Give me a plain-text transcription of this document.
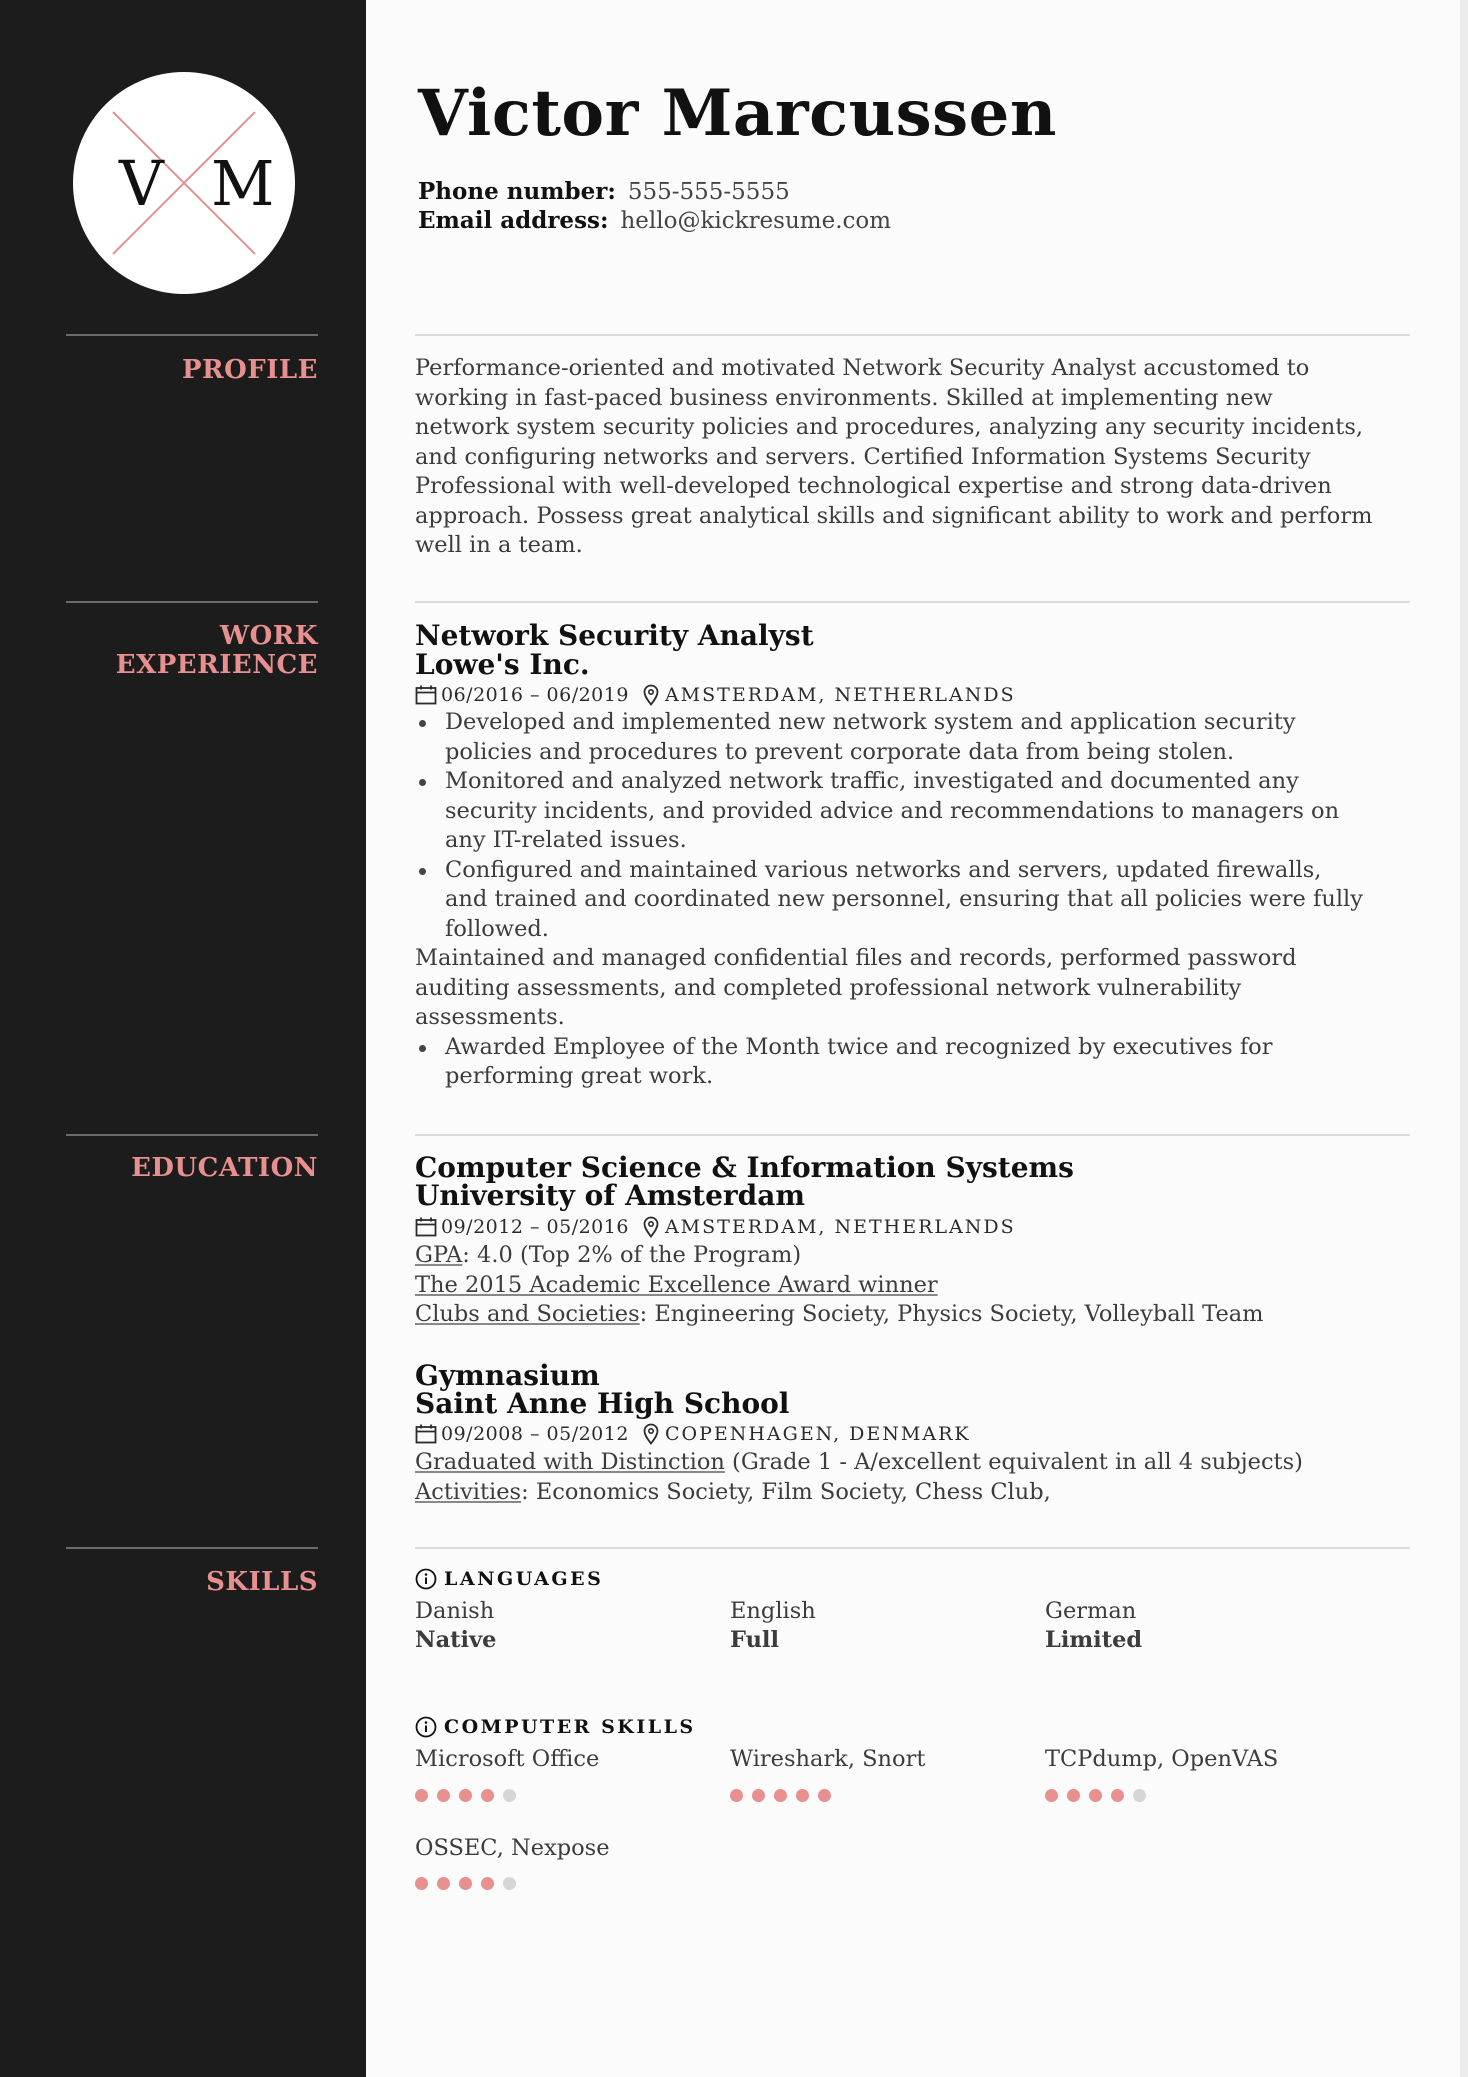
V M
Victor Marcussen
Phone number: 555-555-5555
Email address: hello@kickresume.com
PROFILE
WORK
EXPERIENCE
EDUCATION
SKILLS
Performance-oriented and motivated Network Security Analyst accustomed to
working in fast-paced business environments. Skilled at implementing new
network system security policies and procedures, analyzing any security incidents,
and configuring networks and servers. Certified Information Systems Security
Professional with well-developed technological expertise and strong data-driven
approach. Possess great analytical skills and significant ability to work and perform
well in a team.
Network Security Analyst
Lowe's Inc.
06/2016 – 06/2019 AMSTERDAM, NETHERLANDS
Developed and implemented new network system and application security
policies and procedures to prevent corporate data from being stolen.
Monitored and analyzed network traffic, investigated and documented any
security incidents, and provided advice and recommendations to managers on
any IT-related issues.
Configured and maintained various networks and servers, updated firewalls,
and trained and coordinated new personnel, ensuring that all policies were fully
followed.
Maintained and managed confidential files and records, performed password
auditing assessments, and completed professional network vulnerability
assessments.
Awarded Employee of the Month twice and recognized by executives for
performing great work.
Computer Science & Information Systems
University of Amsterdam
09/2012 – 05/2016 AMSTERDAM, NETHERLANDS
GPA: 4.0 (Top 2% of the Program)
The 2015 Academic Excellence Award winner
Clubs and Societies: Engineering Society, Physics Society, Volleyball Team
Gymnasium
Saint Anne High School
09/2008 – 05/2012 COPENHAGEN, DENMARK
Graduated with Distinction (Grade 1 - A/excellent equivalent in all 4 subjects)
Activities: Economics Society, Film Society, Chess Club,
LANGUAGES
Danish
Native
English
Full
German
Limited
COMPUTER SKILLS
Microsoft Office	Wireshark, Snort	TCPdump, OpenVAS
OSSEC, Nexpose
